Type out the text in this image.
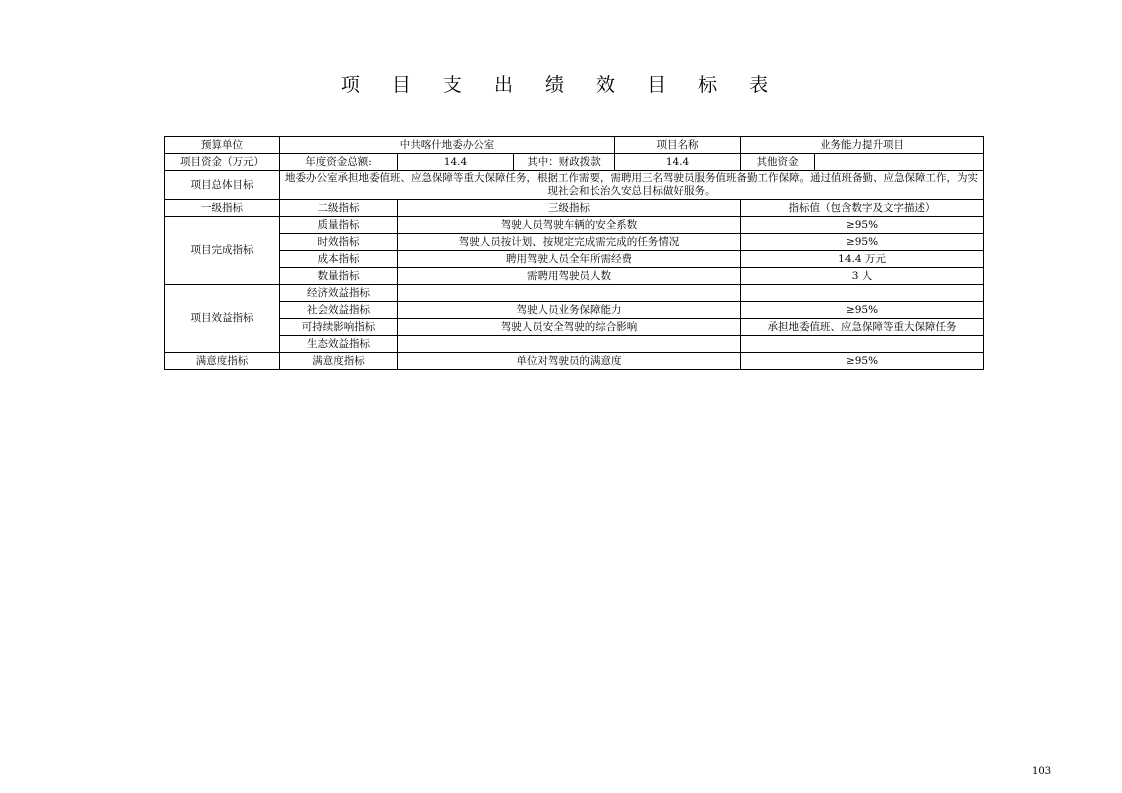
项 目 支 出 绩 效 目 标 表
预算单位	中共喀什地委办公室			项目名称	业务能力提升项目	
项目资金（万元）	年度资金总额:	14.4	其中：财政拨款	14.4	其他资金	
项目总体目标	地委办公室承担地委值班、应急保障等重大保障任务，根据工作需要，需聘用三名驾驶员服务值班备勤工作保障。通过值班备勤、应急保障工作，为实现社会和长治久安总目标做好服务。					
一级指标	二级指标	三级指标			指标值（包含数字及文字描述）	
项目完成指标	质量指标	驾驶人员驾驶车辆的安全系数			≥95%	
	时效指标	驾驶人员按计划、按规定完成需完成的任务情况			≥95%	
	成本指标	聘用驾驶人员全年所需经费			14.4 万元	
	数量指标	需聘用驾驶员人数			3 人	
项目效益指标	经济效益指标					
	社会效益指标	驾驶人员业务保障能力			≥95%	
	可持续影响指标	驾驶人员安全驾驶的综合影响			承担地委值班、应急保障等重大保障任务	
	生态效益指标					
满意度指标	满意度指标	单位对驾驶员的满意度			≥95%	
103
